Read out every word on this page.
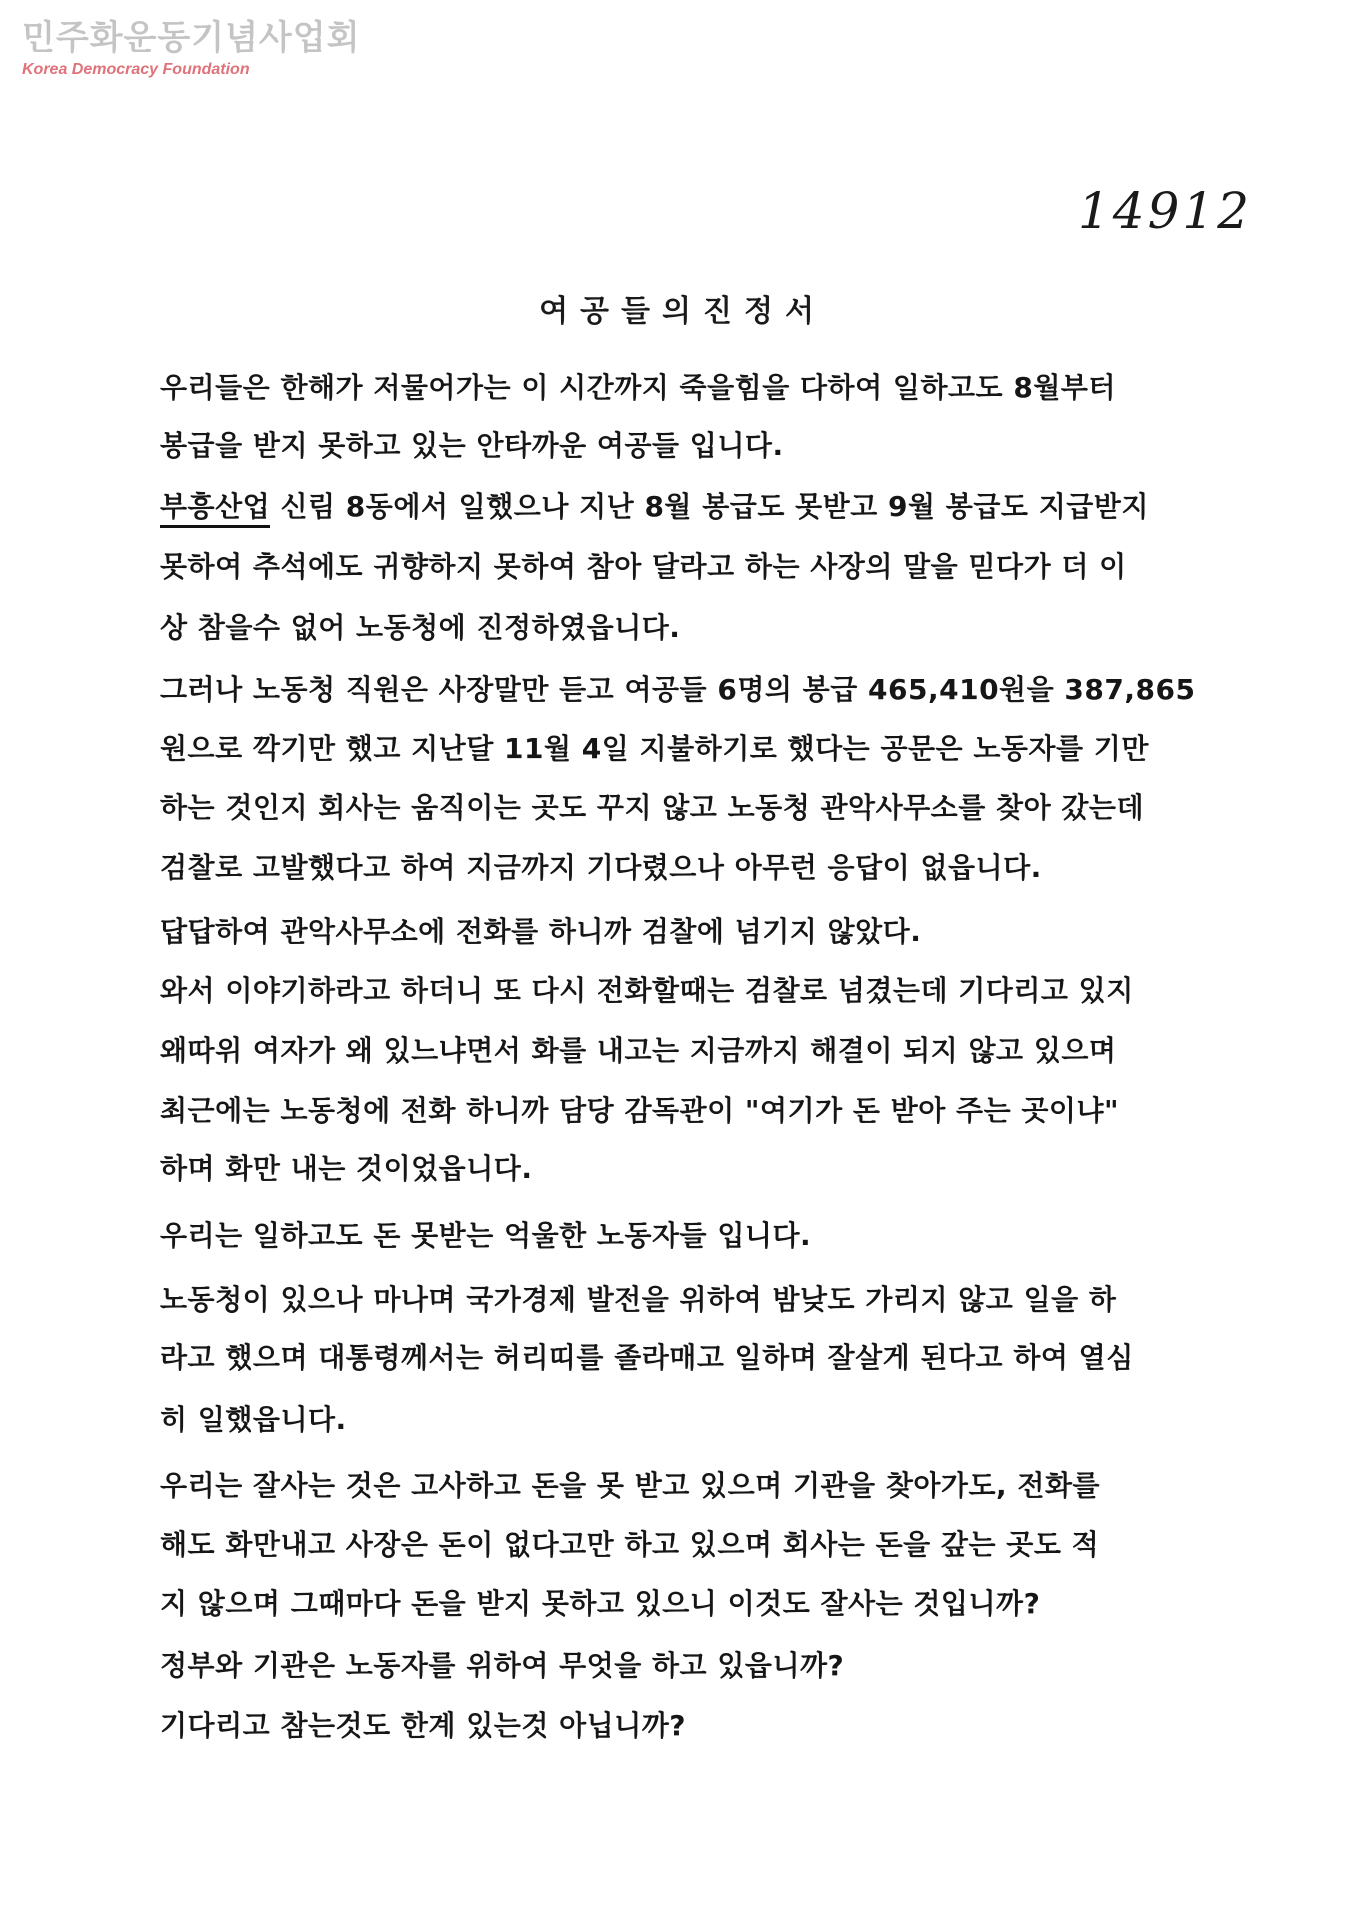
민주화운동기념사업회
Korea Democracy Foundation
14912
여공들의진정서
우리들은 한해가 저물어가는 이 시간까지 죽을힘을 다하여 일하고도 8월부터
봉급을 받지 못하고 있는 안타까운 여공들 입니다.
부흥산업 신림 8동에서 일했으나 지난 8월 봉급도 못받고 9월 봉급도 지급받지
못하여 추석에도 귀향하지 못하여 참아 달라고 하는 사장의 말을 믿다가 더 이
상 참을수 없어 노동청에 진정하였읍니다.
그러나 노동청 직원은 사장말만 듣고 여공들 6명의 봉급 465,410원을 387,865
원으로 깍기만 했고 지난달 11월 4일 지불하기로 했다는 공문은 노동자를 기만
하는 것인지 회사는 움직이는 곳도 꾸지 않고 노동청 관악사무소를 찾아 갔는데
검찰로 고발했다고 하여 지금까지 기다렸으나 아무런 응답이 없읍니다.
답답하여 관악사무소에 전화를 하니까 검찰에 넘기지 않았다.
와서 이야기하라고 하더니 또 다시 전화할때는 검찰로 넘겼는데 기다리고 있지
왜따위 여자가 왜 있느냐면서 화를 내고는 지금까지 해결이 되지 않고 있으며
최근에는 노동청에 전화 하니까 담당 감독관이 "여기가 돈 받아 주는 곳이냐"
하며 화만 내는 것이었읍니다.
우리는 일하고도 돈 못받는 억울한 노동자들 입니다.
노동청이 있으나 마나며 국가경제 발전을 위하여 밤낮도 가리지 않고 일을 하
라고 했으며 대통령께서는 허리띠를 졸라매고 일하며 잘살게 된다고 하여 열심
히 일했읍니다.
우리는 잘사는 것은 고사하고 돈을 못 받고 있으며 기관을 찾아가도, 전화를
해도 화만내고 사장은 돈이 없다고만 하고 있으며 회사는 돈을 갚는 곳도 적
지 않으며 그때마다 돈을 받지 못하고 있으니 이것도 잘사는 것입니까?
정부와 기관은 노동자를 위하여 무엇을 하고 있읍니까?
기다리고 참는것도 한계 있는것 아닙니까?
